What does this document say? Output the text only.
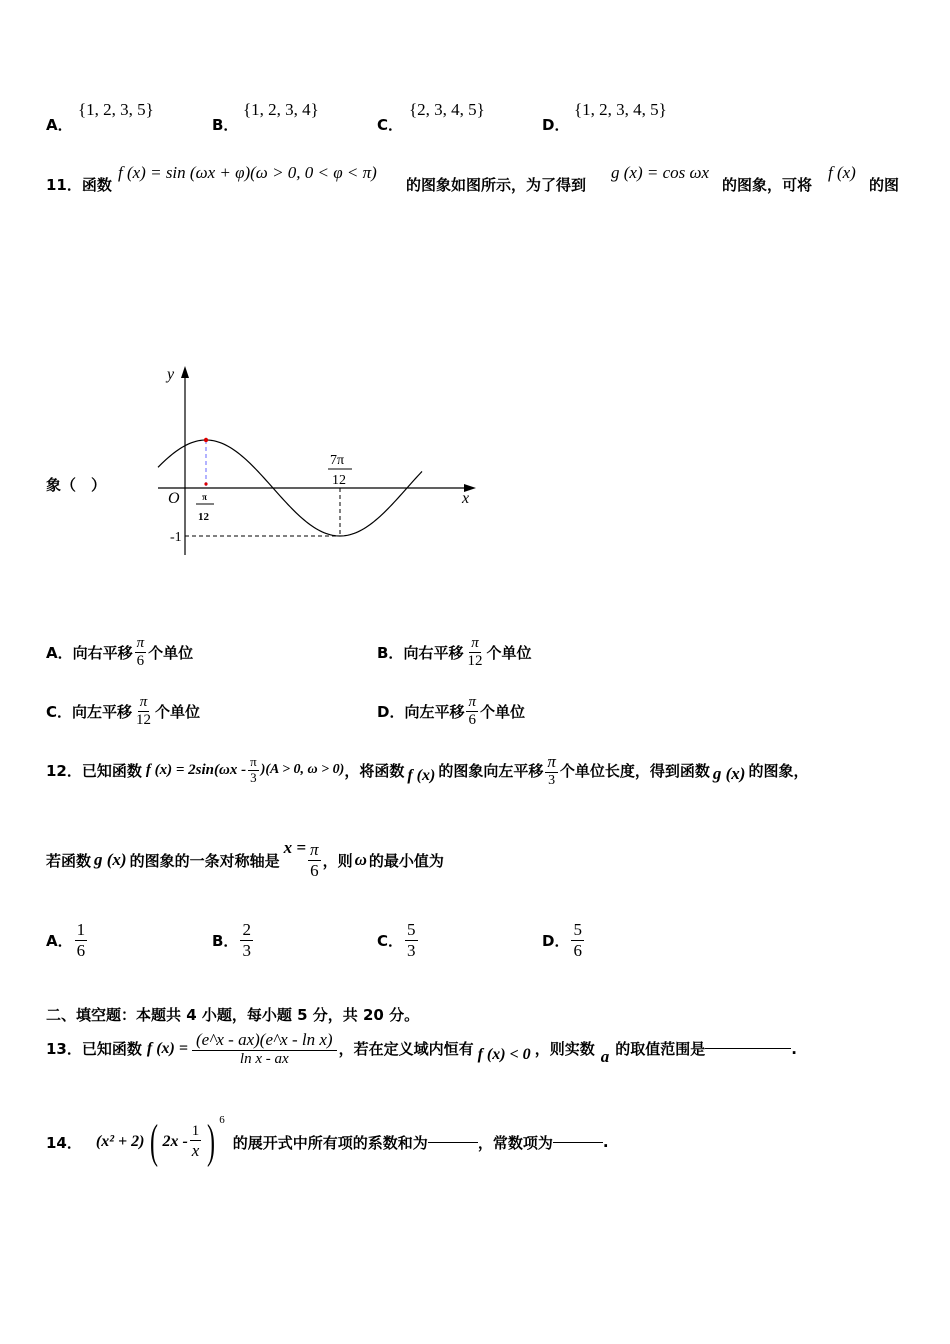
A．
{1, 2, 3, 5}
B．
{1, 2, 3, 4}
C．
{2, 3, 4, 5}
D．
{1, 2, 3, 4, 5}
11．函数
f (x) = sin (ωx + φ)(ω > 0, 0 < φ < π)
的图象如图所示，为了得到
g (x) = cos ωx
的图象，可将
f (x)
的图
象（　）
y
x
O π
12
7π
12
-1
A． 向右平移 $\frac{\pi}{6}$ 个单位	B． 向右平移 $\frac{\pi}{12}$ 个单位
C． 向左平移 $\frac{\pi}{12}$ 个单位	D． 向左平移 $\frac{\pi}{6}$ 个单位
12． 已知函数 f $(x) = 2\sin(\omega x - \frac{\pi}{3} )(A > 0$, ω > 0) ，将函数 f (x) 的图象向左平移 $\frac{\pi}{3}$ 个单位长度，得到函数 g (x) 的图象，
若函数 g (x) 的图象的一条对称轴是
$x = \frac{\pi}{6}$ ，则 ω 的最小值为
A． $\frac{1}{6}$	B． $\frac{2}{3}$	C． $\frac{5}{3}$	D． $\frac{5}{6}$
二、填空题：本题共 4 小题，每小题 5 分，共 20 分。
13． 已知函数 f $(x) = \frac{\text{(e\textasciicircum{}x - ax)(e\textasciicircum{}x - ln x)}}{\text{ln x - ax}}$ ，若在定义域内恒有 f (x) < 0 ，则实数 a 的取值范围是	.
14． (x² + 2) ( $2x - \frac{1}{x}$ ) 6
的展开式中所有项的系数和为	，常数项为	.
